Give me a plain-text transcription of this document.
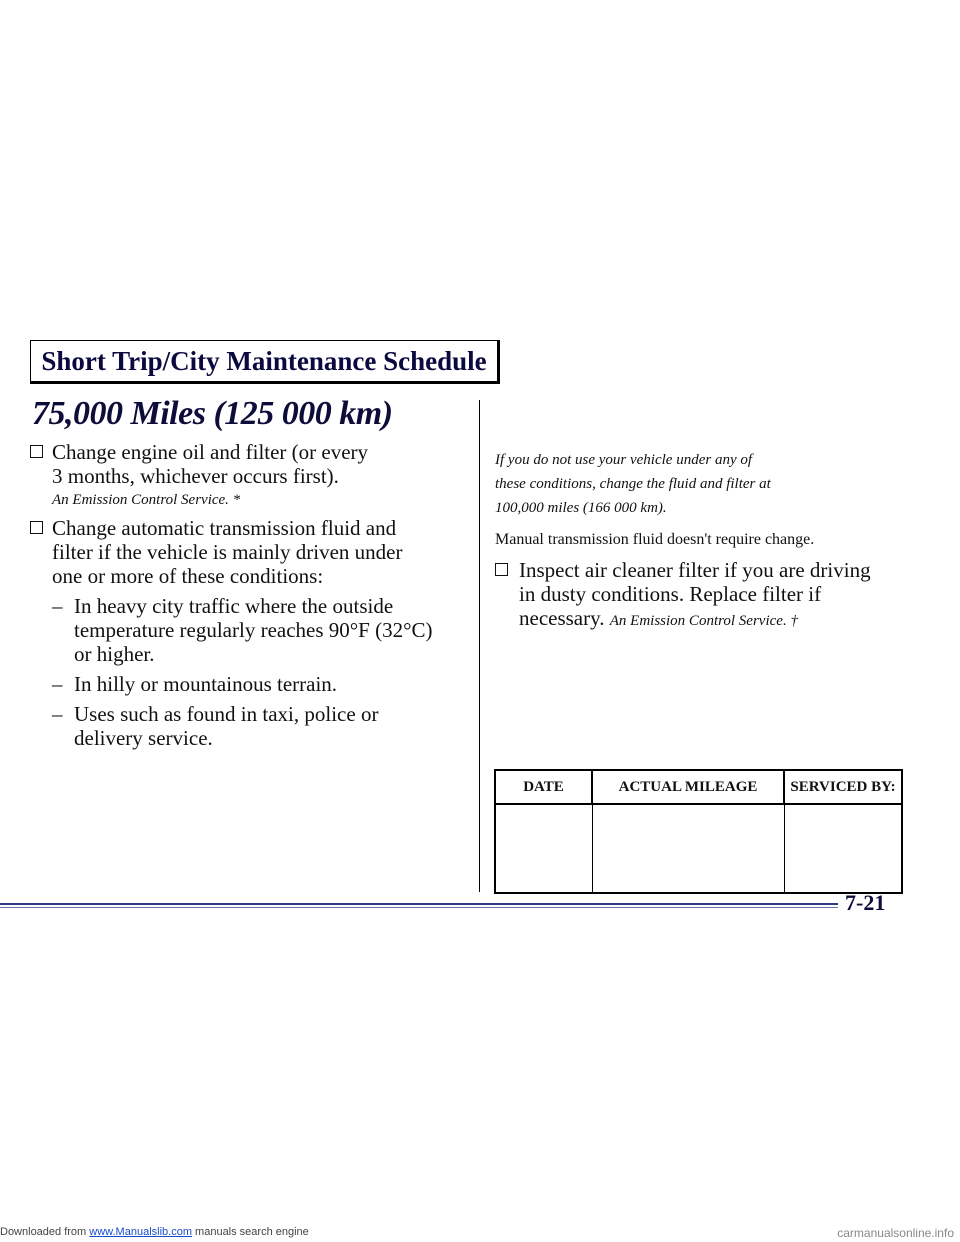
Short Trip/City Maintenance Schedule
75,000 Miles (125 000 km)
Change engine oil and filter (or every
3 months, whichever occurs first).
An Emission Control Service. *
Change automatic transmission fluid and
filter if the vehicle is mainly driven under
one or more of these conditions:
– In heavy city traffic where the outside temperature regularly reaches 90°F (32°C) or higher.
– In hilly or mountainous terrain.
– Uses such as found in taxi, police or delivery service.
If you do not use your vehicle under any of
these conditions, change the fluid and filter at
100,000 miles (166 000 km).
Manual transmission fluid doesn't require change.
Inspect air cleaner filter if you are driving
in dusty conditions. Replace filter if
necessary. An Emission Control Service. †
DATE	ACTUAL MILEAGE	SERVICED BY:

7-21
Downloaded from www.Manualslib.com manuals search engine	carmanualsonline.info
